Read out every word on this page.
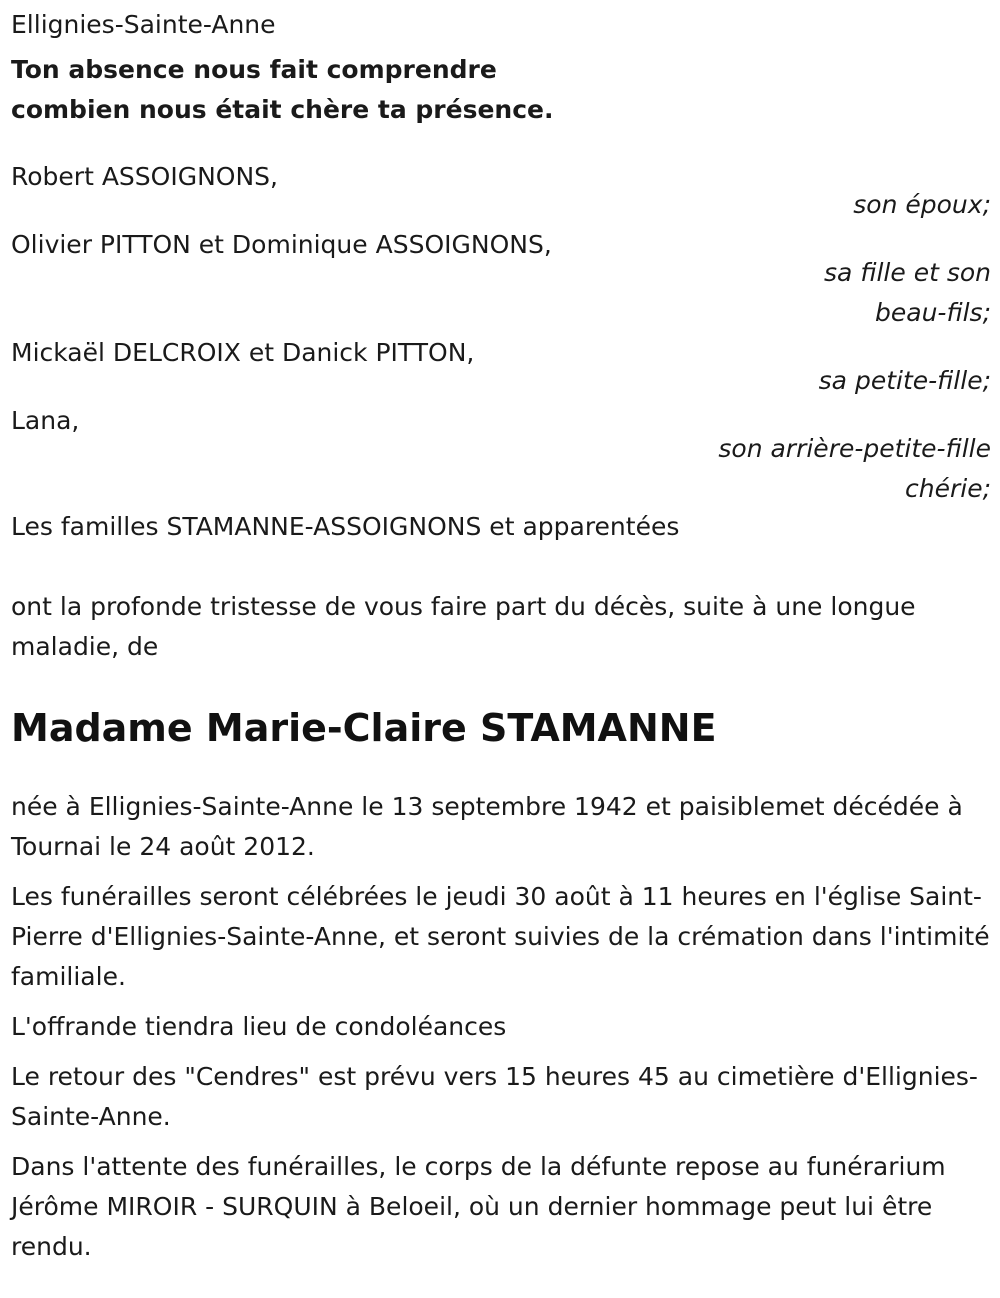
Ellignies-Sainte-Anne

Ton absence nous fait comprendre

combien nous était chère ta présence.

Robert ASSOIGNONS,

son époux;

Olivier PITTON et Dominique ASSOIGNONS,

sa fille et son beau-fils;

Mickaël DELCROIX et Danick PITTON,

sa petite-fille;

Lana,

son arrière-petite-fille chérie;

Les familles STAMANNE-ASSOIGNONS et apparentées

ont la profonde tristesse de vous faire part du décès, suite à une longue maladie, de

Madame Marie-Claire STAMANNE

née à Ellignies-Sainte-Anne le 13 septembre 1942 et paisiblemet décédée à Tournai le 24 août 2012.

Les funérailles seront célébrées le jeudi 30 août à 11 heures en l'église Saint-Pierre d'Ellignies-Sainte-Anne, et seront suivies de la crémation dans l'intimité familiale.

L'offrande tiendra lieu de condoléances

Le retour des "Cendres" est prévu vers 15 heures 45 au cimetière d'Ellignies-Sainte-Anne.

Dans l'attente des funérailles, le corps de la défunte repose au funérarium Jérôme MIROIR - SURQUIN à Beloeil, où un dernier hommage peut lui être rendu.
